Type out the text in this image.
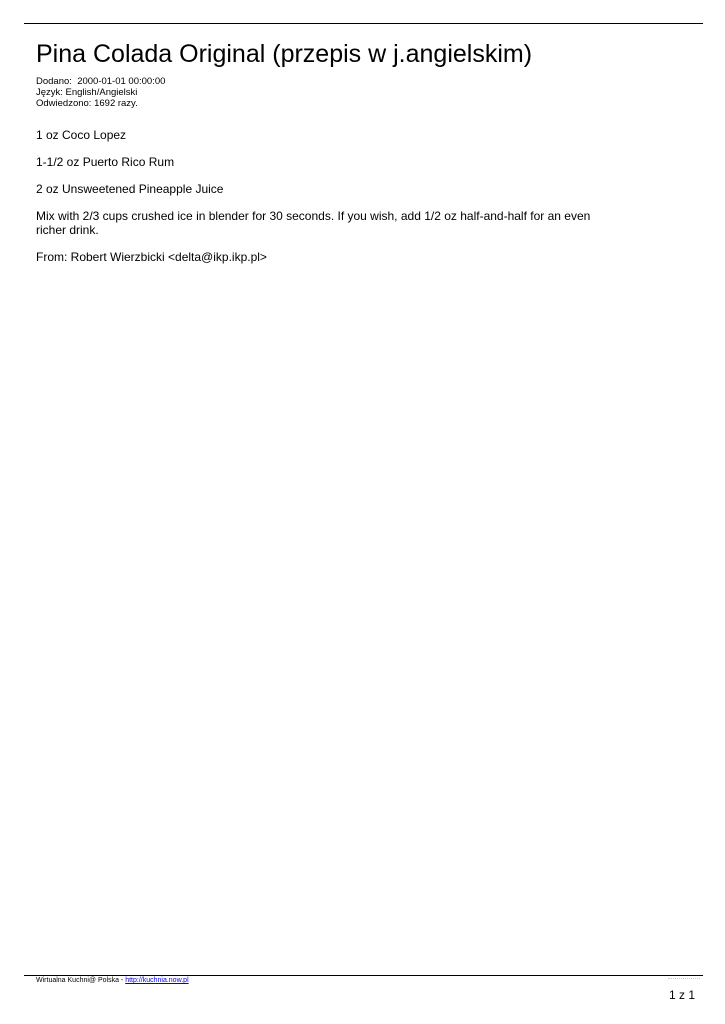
Pina Colada Original (przepis w j.angielskim)
Dodano:  2000-01-01 00:00:00
Język: English/Angielski
Odwiedzono: 1692 razy.

1 oz Coco Lopez

1-1/2 oz Puerto Rico Rum

2 oz Unsweetened Pineapple Juice

Mix with 2/3 cups crushed ice in blender for 30 seconds. If you wish, add 1/2 oz half-and-half for an even richer drink.

From: Robert Wierzbicki <delta@ikp.ikp.pl>

Wirtualna Kuchni@ Polska - http://kuchnia.now.pl
1 z 1
